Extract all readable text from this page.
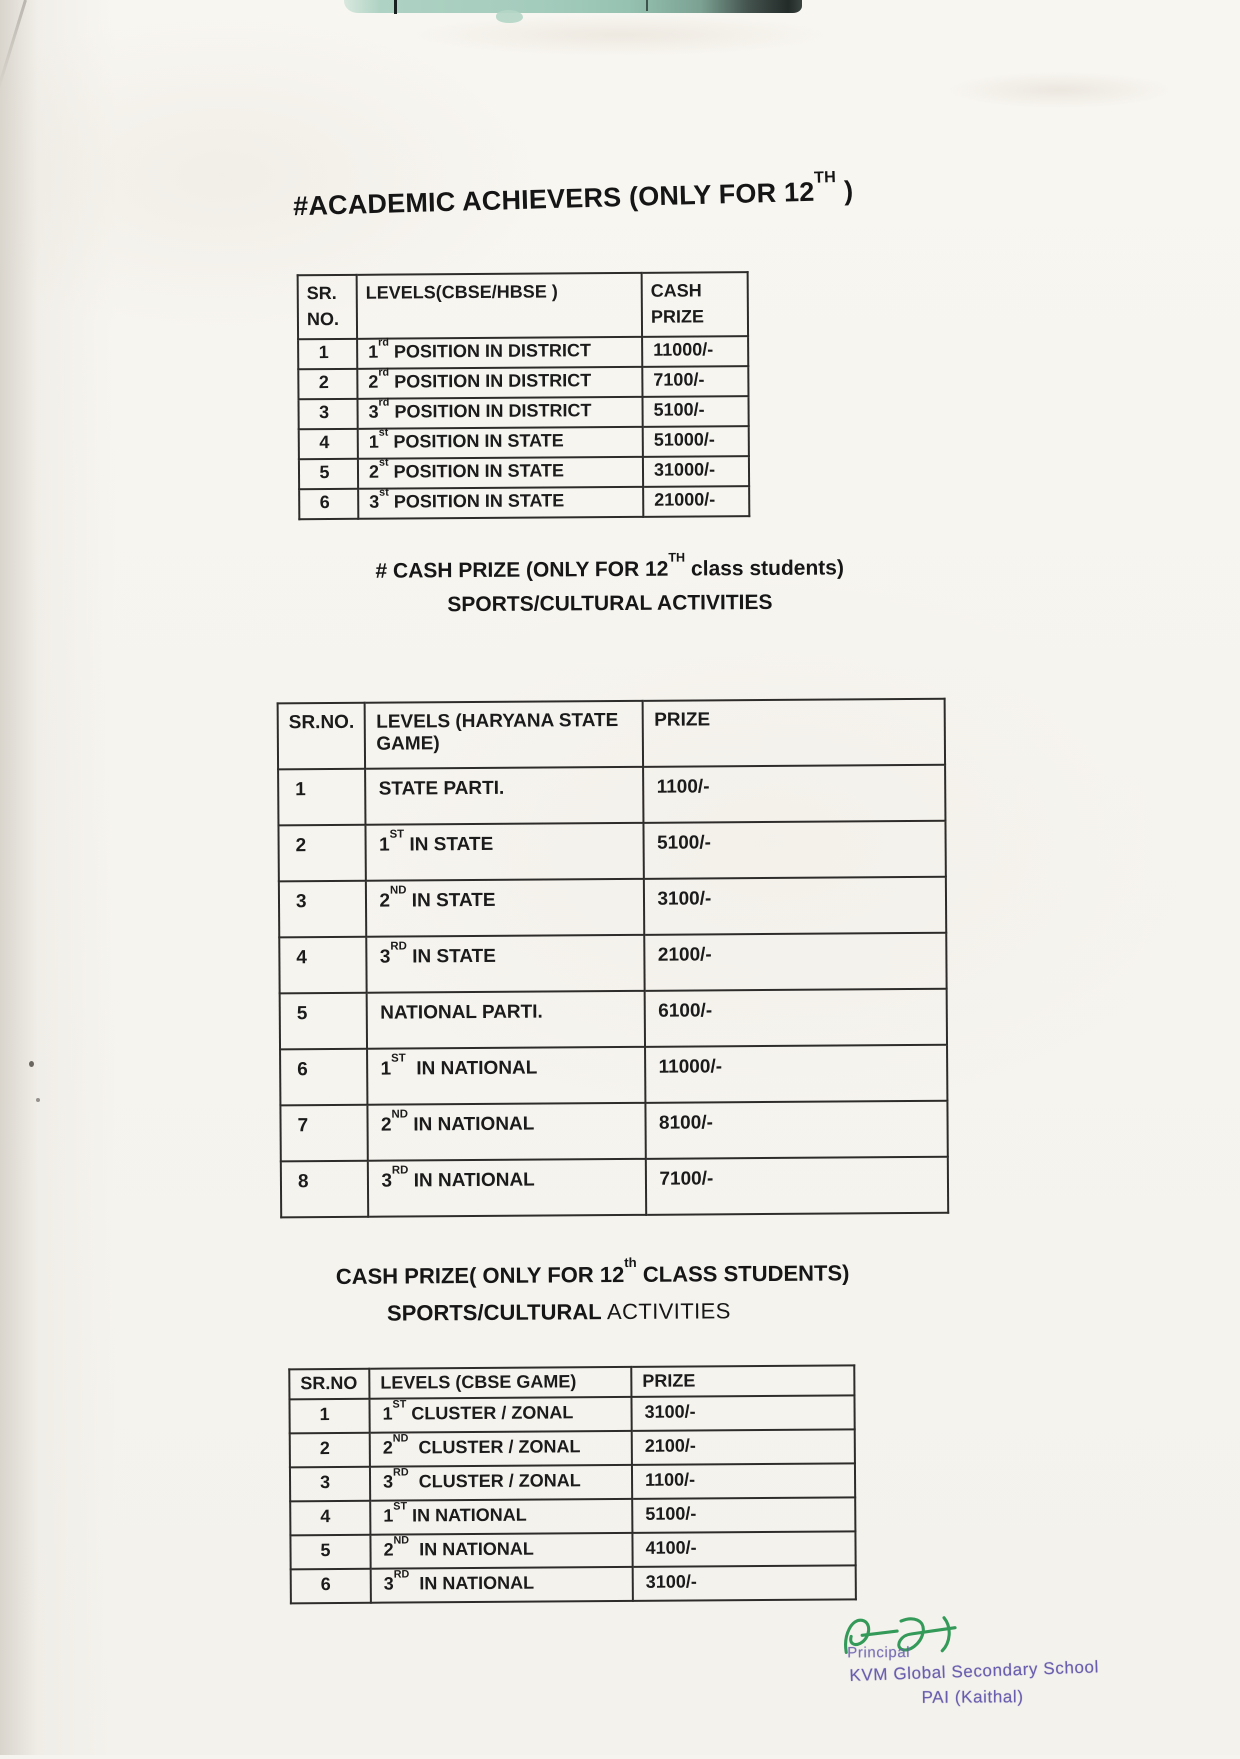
#ACADEMIC ACHIEVERS (ONLY FOR 12TH )
SR.
NO.	LEVELS(CBSE/HBSE )	CASH PRIZE
1	1rd POSITION IN DISTRICT	11000/-
2	2rd POSITION IN DISTRICT	7100/-
3	3rd POSITION IN DISTRICT	5100/-
4	1st POSITION IN STATE	51000/-
5	2st POSITION IN STATE	31000/-
6	3st POSITION IN STATE	21000/-
# CASH PRIZE (ONLY FOR 12TH class students)
SPORTS/CULTURAL ACTIVITIES
SR.NO.	LEVELS (HARYANA STATE GAME)	PRIZE
1	STATE PARTI.	1100/-
2	1ST IN STATE	5100/-
3	2ND IN STATE	3100/-
4	3RD IN STATE	2100/-
5	NATIONAL PARTI.	6100/-
6	1ST  IN NATIONAL	11000/-
7	2ND IN NATIONAL	8100/-
8	3RD IN NATIONAL	7100/-
CASH PRIZE( ONLY FOR 12th CLASS STUDENTS)
SPORTS/CULTURAL ACTIVITIES
SR.NO	LEVELS (CBSE GAME)	PRIZE
1	1ST CLUSTER / ZONAL	3100/-
2	2ND  CLUSTER / ZONAL	2100/-
3	3RD  CLUSTER / ZONAL	1100/-
4	1ST IN NATIONAL	5100/-
5	2ND  IN NATIONAL	4100/-
6	3RD  IN NATIONAL	3100/-
Principal
KVM Global Secondary School
PAI (Kaithal)
